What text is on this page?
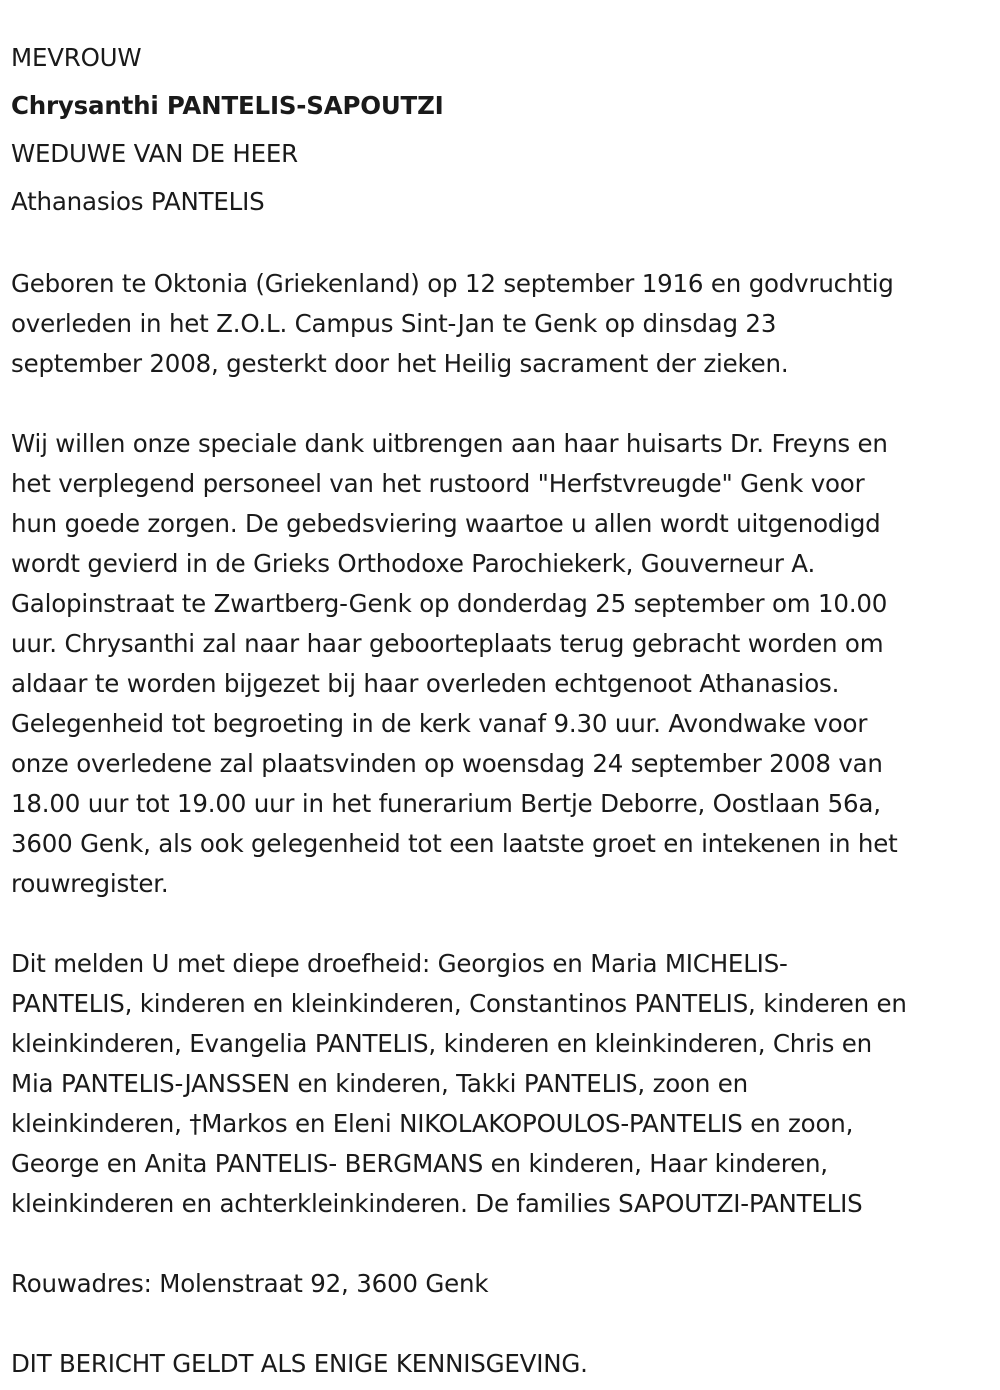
MEVROUW

Chrysanthi PANTELIS-SAPOUTZI

WEDUWE VAN DE HEER

Athanasios PANTELIS

Geboren te Oktonia (Griekenland) op 12 september 1916 en godvruchtig
overleden in het Z.O.L. Campus Sint-Jan te Genk op dinsdag 23
september 2008, gesterkt door het Heilig sacrament der zieken.

Wij willen onze speciale dank uitbrengen aan haar huisarts Dr. Freyns en
het verplegend personeel van het rustoord "Herfstvreugde" Genk voor
hun goede zorgen. De gebedsviering waartoe u allen wordt uitgenodigd
wordt gevierd in de Grieks Orthodoxe Parochiekerk, Gouverneur A.
Galopinstraat te Zwartberg-Genk op donderdag 25 september om 10.00
uur. Chrysanthi zal naar haar geboorteplaats terug gebracht worden om
aldaar te worden bijgezet bij haar overleden echtgenoot Athanasios.
Gelegenheid tot begroeting in de kerk vanaf 9.30 uur. Avondwake voor
onze overledene zal plaatsvinden op woensdag 24 september 2008 van
18.00 uur tot 19.00 uur in het funerarium Bertje Deborre, Oostlaan 56a,
3600 Genk, als ook gelegenheid tot een laatste groet en intekenen in het
rouwregister.

Dit melden U met diepe droefheid: Georgios en Maria MICHELIS-
PANTELIS, kinderen en kleinkinderen, Constantinos PANTELIS, kinderen en
kleinkinderen, Evangelia PANTELIS, kinderen en kleinkinderen, Chris en
Mia PANTELIS-JANSSEN en kinderen, Takki PANTELIS, zoon en
kleinkinderen, †Markos en Eleni NIKOLAKOPOULOS-PANTELIS en zoon,
George en Anita PANTELIS- BERGMANS en kinderen, Haar kinderen,
kleinkinderen en achterkleinkinderen. De families SAPOUTZI-PANTELIS

Rouwadres: Molenstraat 92, 3600 Genk

DIT BERICHT GELDT ALS ENIGE KENNISGEVING.
